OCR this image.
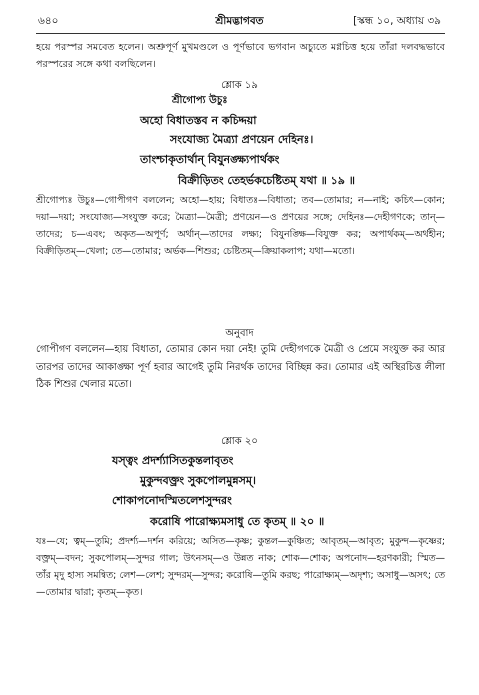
৬৪০	শ্রীমদ্ভাগবত	[স্কন্ধ ১০, অধ্যায় ৩৯
হয়ে পরস্পর সমবেত হলেন। অশ্রুপূর্ণ মুখমণ্ডলে ও পূর্ণভাবে ভগবান অচ্যুতে মগ্নচিত্ত হয়ে তাঁরা দলবদ্ধভাবে পরস্পরের সঙ্গে কথা বলছিলেন।
শ্লোক ১৯
শ্রীগোপ্য উচুঃ
অহো বিধাতস্তব ন কচিদ্দয়া
সংযোজ্য মৈত্র্যা প্রণয়েন দেহিনঃ।
তাংশ্চাকৃতার্থান্ বিযুনঙ্ক্ষ্যপার্থকং
বিক্রীড়িতং তেহর্ভকচেষ্টিতম্ যথা ॥ ১৯ ॥
শ্রীগোপ্যঃ উচুঃ—গোপীগণ বললেন; অহো—হায়; বিধাতঃ—বিধাতা; তব—তোমার; ন—নাই; কচিৎ—কোন; দয়া—দয়া; সংযোজ্য—সংযুক্ত করে; মৈত্র্যা—মৈত্রী; প্রণয়েন—ও প্রণয়ের সঙ্গে; দেহিনঃ—দেহীগণকে; তান্—তাদের; চ—এবং; অকৃত—অপূর্ণ; অর্থান্—তাদের লক্ষ্য; বিযুনঙ্ক্ষি—বিযুক্ত কর; অপার্থকম্—অর্থহীন; বিক্রীড়িতম্—খেলা; তে—তোমার; অর্ভক—শিশুর; চেষ্টিতম্—ক্রিয়াকলাপ; যথা—মতো।
অনুবাদ
গোপীগণ বললেন—হায় বিধাতা, তোমার কোন দয়া নেই! তুমি দেহীগণকে মৈত্রী ও প্রেমে সংযুক্ত কর আর তারপর তাদের আকাঙ্ক্ষা পূর্ণ হবার আগেই তুমি নিরর্থক তাদের বিচ্ছিন্ন কর। তোমার এই অস্থিরচিত্ত লীলা ঠিক শিশুর খেলার মতো।
শ্লোক ২০
যস্ত্বং প্রদর্শ্যাসিতকুন্তলাবৃতং
মুকুন্দবক্ত্রং সুকপোলমুন্নসম্।
শোকাপনোদস্মিতলেশসুন্দরং
করোষি পারোক্ষ্যমসাধু তে কৃতম্ ॥ ২০ ॥
যঃ—যে; ত্বম্—তুমি; প্রদর্শ্য—দর্শন করিয়ে; অসিত—কৃষ্ণ; কুন্তল—কুঞ্চিত; আবৃতম্—আবৃত; মুকুন্দ—কৃষ্ণের; বক্ত্রম্—বদন; সুকপোলম্—সুন্দর গাল; উৎনসম্—ও উন্নত নাক; শোক—শোক; অপনোদ—হরণকারী; স্মিত—তাঁর মৃদু হাস্য সমন্বিত; লেশ—লেশ; সুন্দরম্—সুন্দর; করোষি—তুমি করছ; পারোক্ষ্যম্—অদৃশ্য; অসাধু—অসৎ; তে—তোমার দ্বারা; কৃতম্—কৃত।
